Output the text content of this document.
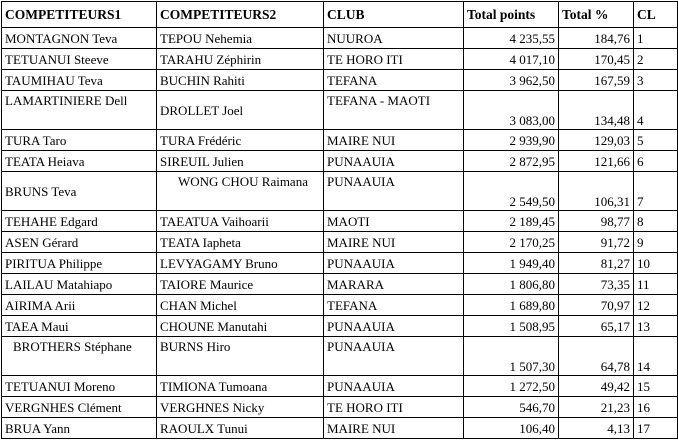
COMPETITEURS1	COMPETITEURS2	CLUB	Total points	Total %	CL
MONTAGNON Teva	TEPOU Nehemia	NUUROA	4 235,55	184,76	1
TETUANUI Steeve	TARAHU Zéphirin	TE HORO ITI	4 017,10	170,45	2
TAUMIHAU Teva	BUCHIN Rahiti	TEFANA	3 962,50	167,59	3

LAMARTINIERE Dell	DROLLET Joel	TEFANA - MAOTI	3 083,00	134,48	4
TURA Taro	TURA Frédéric	MAIRE NUI	2 939,90	129,03	5
TEATA Heiava	SIREUIL Julien	PUNAAUIA	2 872,95	121,66	6
BRUNS Teva	WONG CHOU Raimana	PUNAAUIA	2 549,50	106,31	7
TEHAHE Edgard	TAEATUA Vaihoarii	MAOTI	2 189,45	98,77	8
ASEN Gérard	TEATA Iapheta	MAIRE NUI	2 170,25	91,72	9
PIRITUA Philippe	LEVYAGAMY Bruno	PUNAAUIA	1 949,40	81,27	10
LAILAU Matahiapo	TAIORE Maurice	MARARA	1 806,80	73,35	11
AIRIMA Arii	CHAN Michel	TEFANA	1 689,80	70,97	12
TAEA Maui	CHOUNE Manutahi	PUNAAUIA	1 508,95	65,17	13

BROTHERS Stéphane	BURNS Hiro	PUNAAUIA	1 507,30	64,78	14
TETUANUI Moreno	TIMIONA Tumoana	PUNAAUIA	1 272,50	49,42	15
VERGNHES Clément	VERGHNES Nicky	TE HORO ITI	546,70	21,23	16
BRUA Yann	RAOULX Tunui	MAIRE NUI	106,40	4,13	17
